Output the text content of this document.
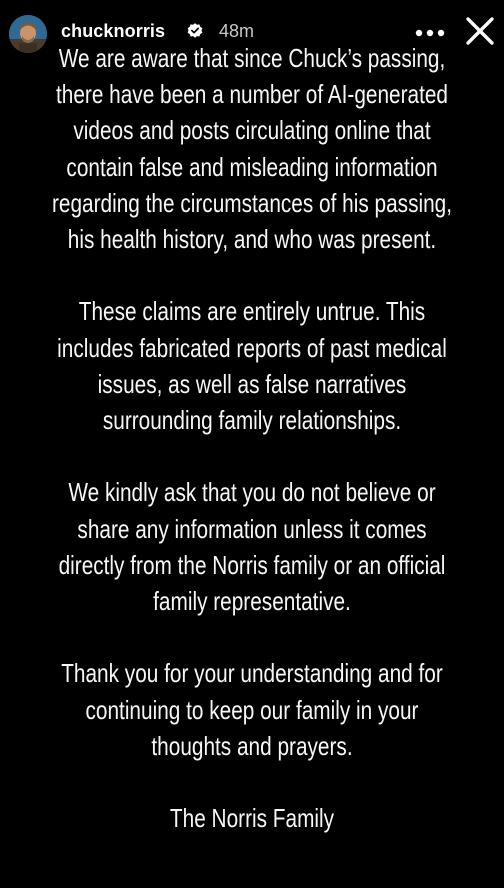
chucknorris	48m

We are aware that since Chuck’s passing,
there have been a number of AI-generated
videos and posts circulating online that
contain false and misleading information
regarding the circumstances of his passing,
his health history, and who was present.

These claims are entirely untrue. This
includes fabricated reports of past medical
issues, as well as false narratives
surrounding family relationships.

We kindly ask that you do not believe or
share any information unless it comes
directly from the Norris family or an official
family representative.

Thank you for your understanding and for
continuing to keep our family in your
thoughts and prayers.

The Norris Family
